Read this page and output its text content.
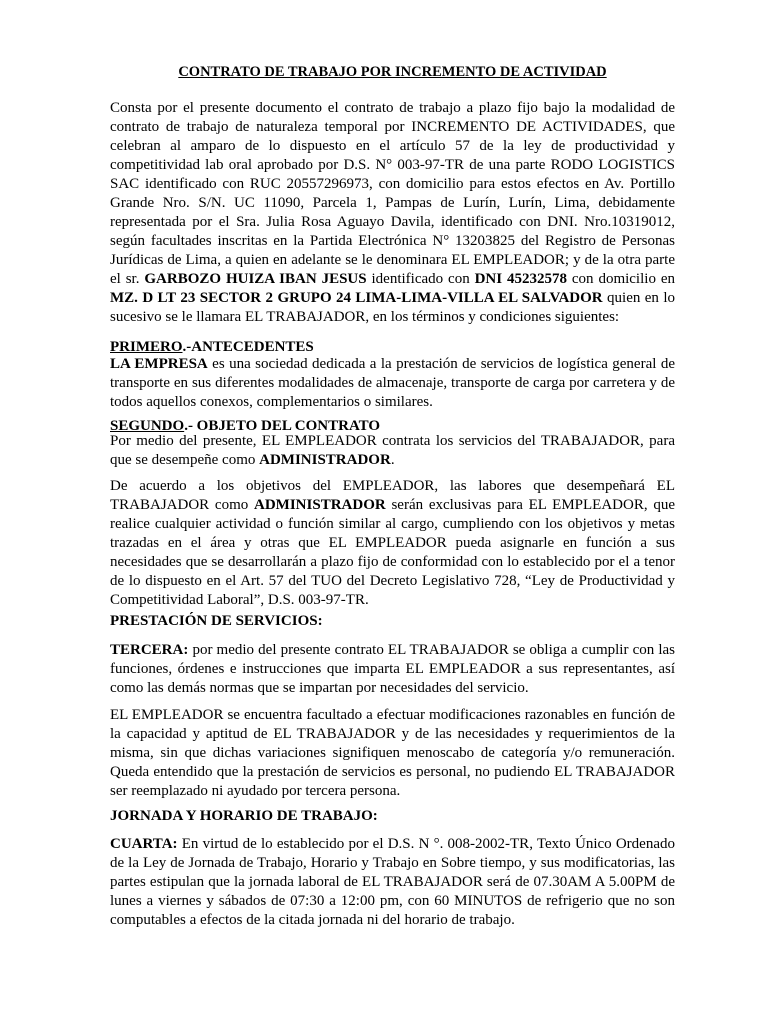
CONTRATO DE TRABAJO POR INCREMENTO DE ACTIVIDAD

Consta por el presente documento el contrato de trabajo a plazo fijo bajo la modalidad de contrato de trabajo de naturaleza temporal por INCREMENTO DE ACTIVIDADES, que celebran al amparo de lo dispuesto en el artículo 57 de la ley de productividad y competitividad lab oral aprobado por D.S. N° 003-97-TR de una parte RODO LOGISTICS SAC identificado con RUC 20557296973, con domicilio para estos efectos en Av. Portillo Grande Nro. S/N. UC 11090, Parcela 1, Pampas de Lurín, Lurín, Lima, debidamente representada por el Sra. Julia Rosa Aguayo Davila, identificado con DNI. Nro.10319012, según facultades inscritas en la Partida Electrónica N° 13203825 del Registro de Personas Jurídicas de Lima, a quien en adelante se le denominara EL EMPLEADOR; y de la otra parte el sr. GARBOZO HUIZA IBAN JESUS identificado con DNI 45232578 con domicilio en MZ. D LT 23 SECTOR 2 GRUPO 24 LIMA-LIMA-VILLA EL SALVADOR quien en lo sucesivo se le llamara EL TRABAJADOR, en los términos y condiciones siguientes:

PRIMERO.-ANTECEDENTES

LA EMPRESA es una sociedad dedicada a la prestación de servicios de logística general de transporte en sus diferentes modalidades de almacenaje, transporte de carga por carretera y de todos aquellos conexos, complementarios o similares.

SEGUNDO.- OBJETO DEL CONTRATO

Por medio del presente, EL EMPLEADOR contrata los servicios del TRABAJADOR, para que se desempeñe como ADMINISTRADOR.

De acuerdo a los objetivos del EMPLEADOR, las labores que desempeñará EL TRABAJADOR como ADMINISTRADOR serán exclusivas para EL EMPLEADOR, que realice cualquier actividad o función similar al cargo, cumpliendo con los objetivos y metas trazadas en el área y otras que EL EMPLEADOR pueda asignarle en función a sus necesidades que se desarrollarán a plazo fijo de conformidad con lo establecido por el a tenor de lo dispuesto en el Art. 57 del TUO del Decreto Legislativo 728, “Ley de Productividad y Competitividad Laboral”, D.S. 003-97-TR.

PRESTACIÓN DE SERVICIOS:

TERCERA: por medio del presente contrato EL TRABAJADOR se obliga a cumplir con las funciones, órdenes e instrucciones que imparta EL EMPLEADOR a sus representantes, así como las demás normas que se impartan por necesidades del servicio.

EL EMPLEADOR se encuentra facultado a efectuar modificaciones razonables en función de la capacidad y aptitud de EL TRABAJADOR y de las necesidades y requerimientos de la misma, sin que dichas variaciones signifiquen menoscabo de categoría y/o remuneración. Queda entendido que la prestación de servicios es personal, no pudiendo EL TRABAJADOR ser reemplazado ni ayudado por tercera persona.

JORNADA Y HORARIO DE TRABAJO:

CUARTA: En virtud de lo establecido por el D.S. N °. 008-2002-TR, Texto Único Ordenado de la Ley de Jornada de Trabajo, Horario y Trabajo en Sobre tiempo, y sus modificatorias, las partes estipulan que la jornada laboral de EL TRABAJADOR será de 07.30AM A 5.00PM de lunes a viernes y sábados de 07:30 a 12:00 pm, con 60 MINUTOS de refrigerio que no son computables a efectos de la citada jornada ni del horario de trabajo.
